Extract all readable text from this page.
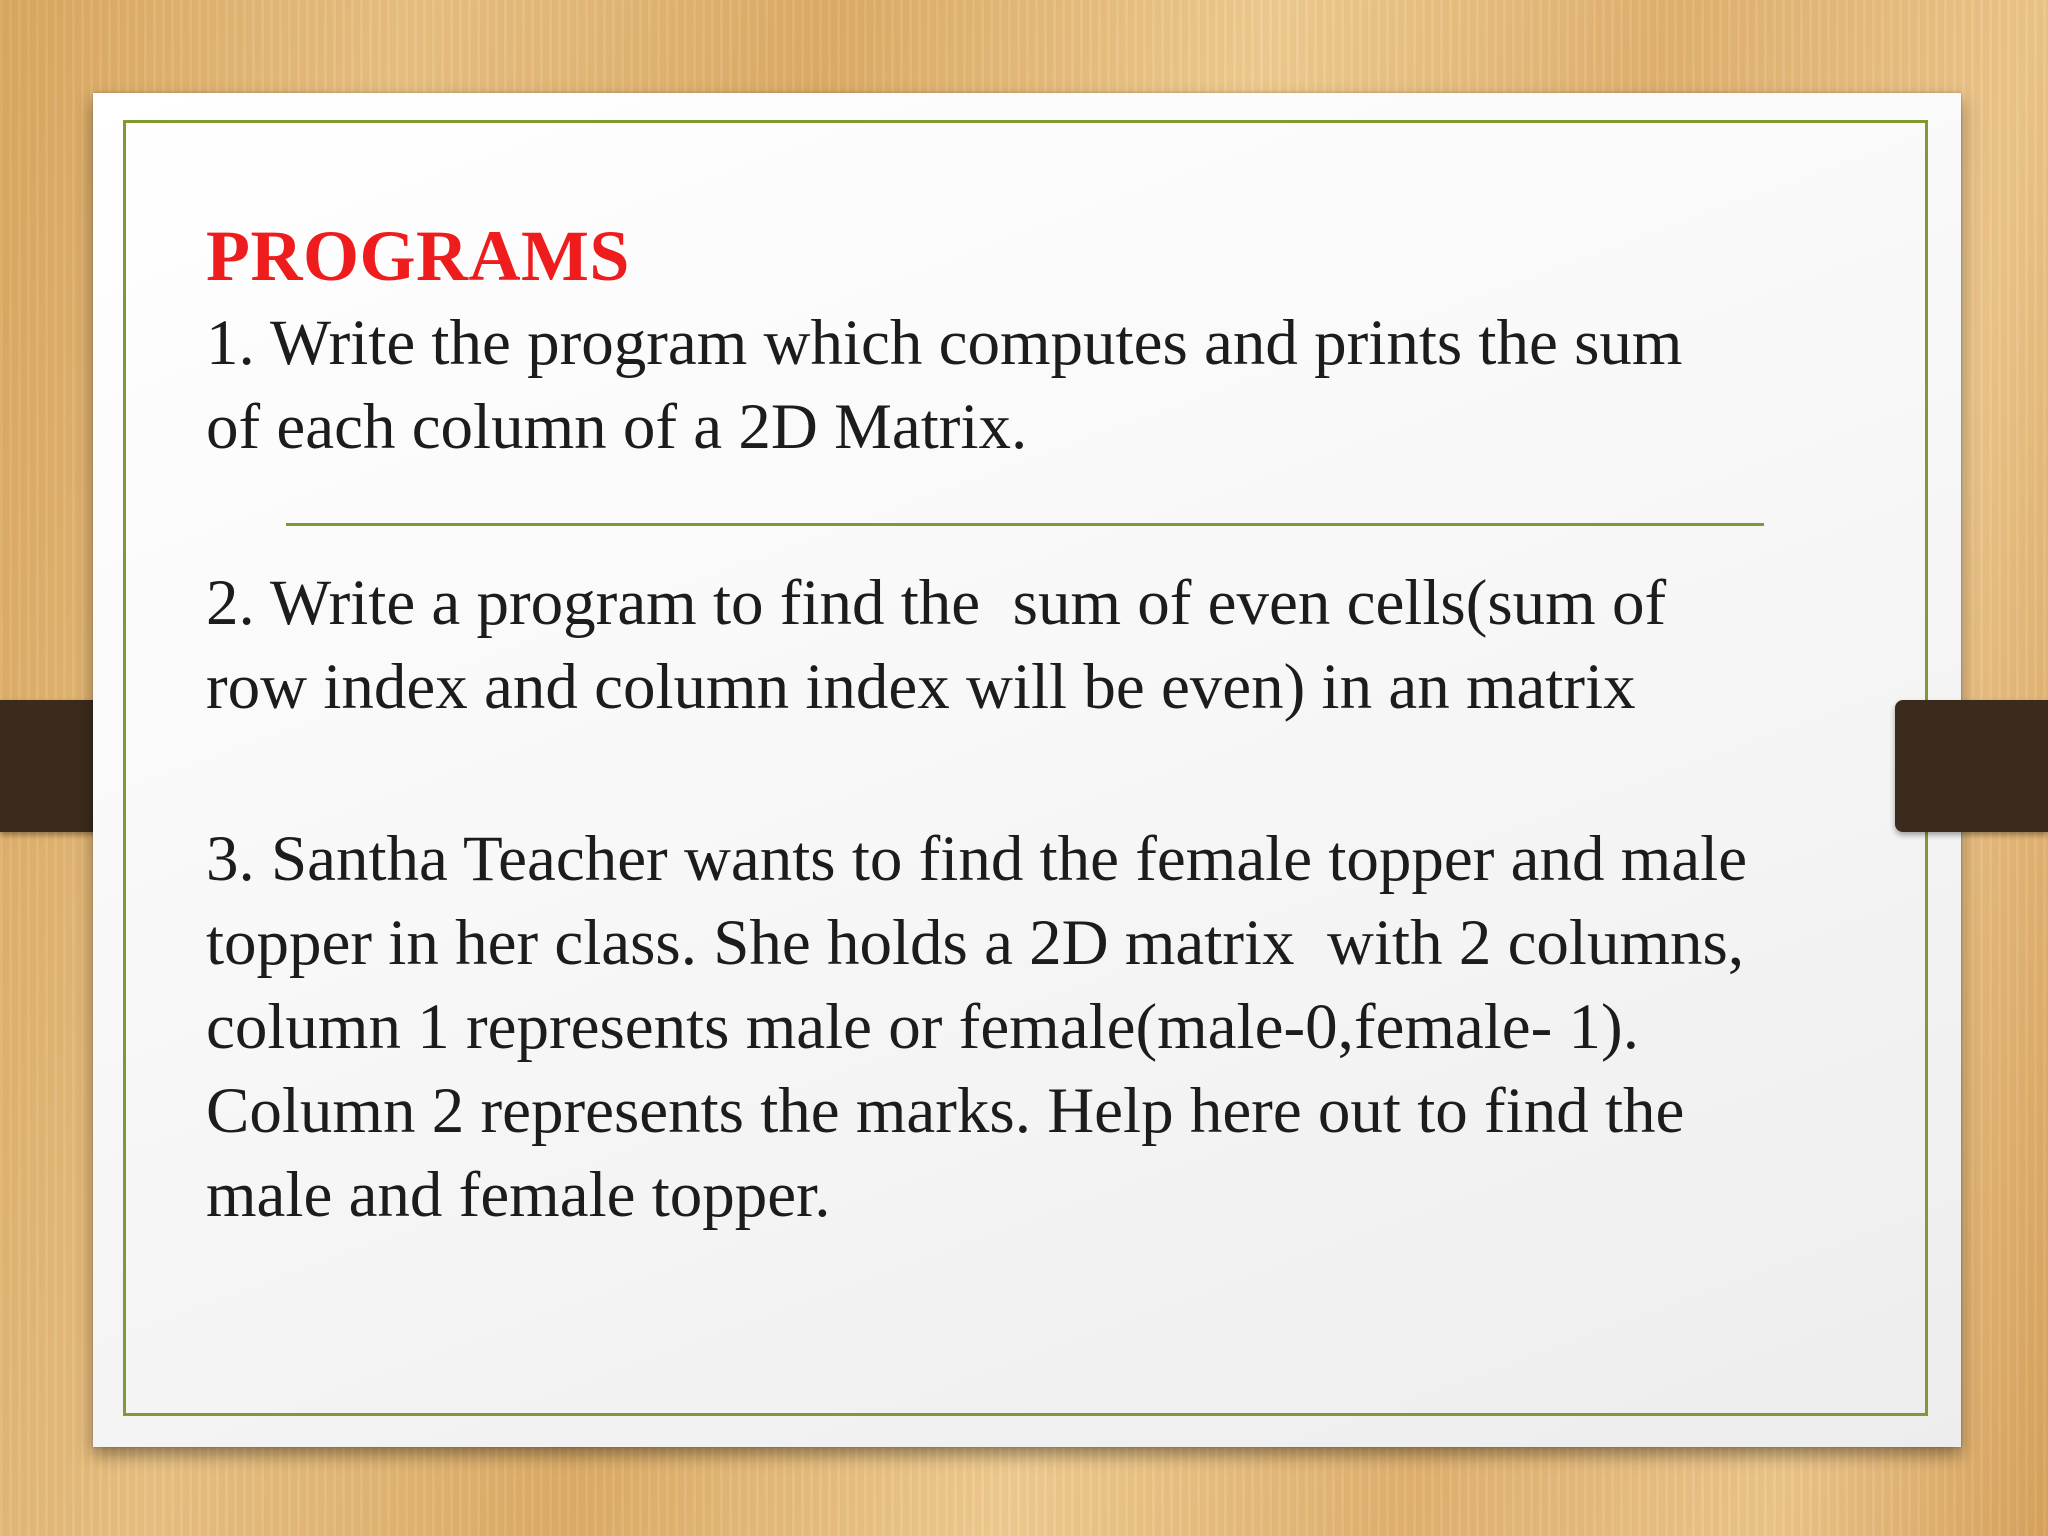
PROGRAMS

1. Write the program which computes and prints the sum

of each column of a 2D Matrix.

2. Write a program to find the  sum of even cells(sum of

row index and column index will be even) in an matrix

3. Santha Teacher wants to find the female topper and male

topper in her class. She holds a 2D matrix  with 2 columns,

column 1 represents male or female(male-0,female- 1).

Column 2 represents the marks. Help here out to find the

male and female topper.
